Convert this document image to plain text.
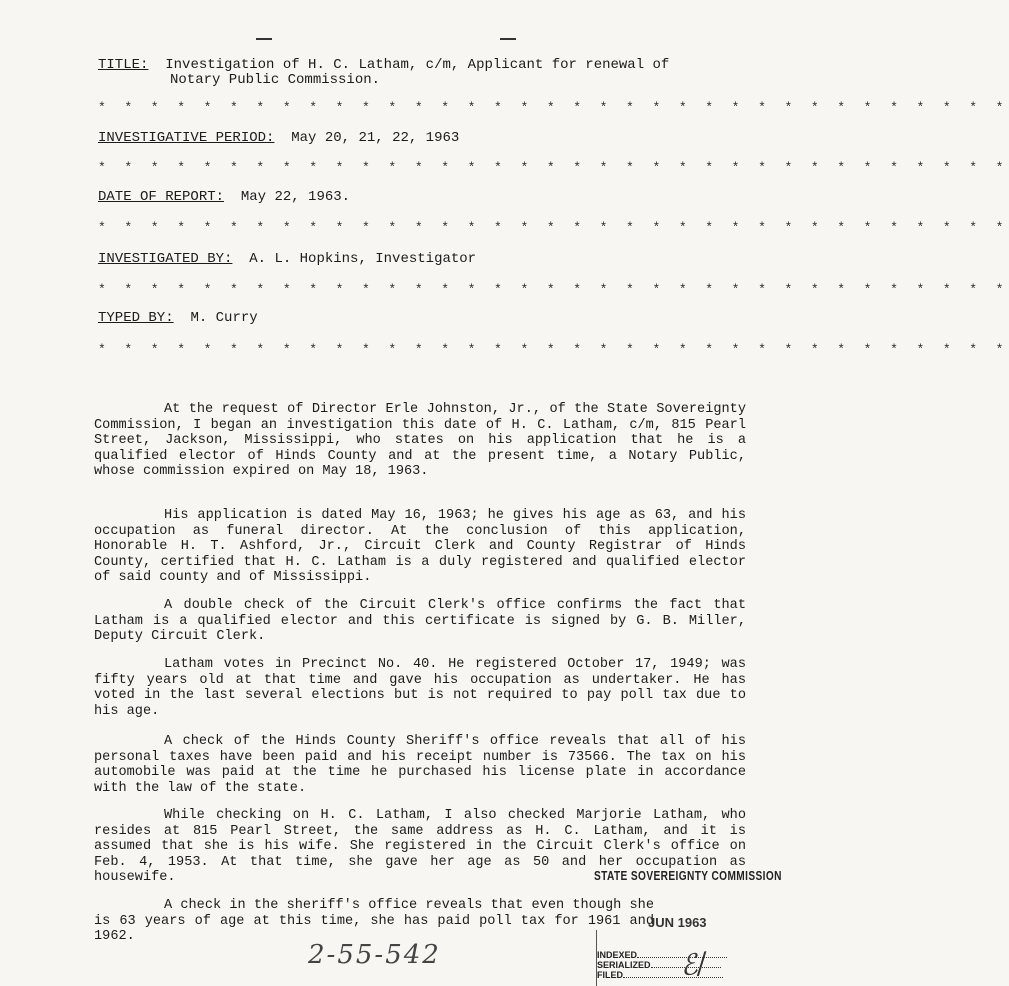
TITLE: Investigation of H. C. Latham, c/m, Applicant for renewal of
Notary Public Commission.
* * * * * * * * * * * * * * * * * * * * * * * * * * * * * * * * * * *
INVESTIGATIVE PERIOD: May 20, 21, 22, 1963
* * * * * * * * * * * * * * * * * * * * * * * * * * * * * * * * * * *
DATE OF REPORT: May 22, 1963.
* * * * * * * * * * * * * * * * * * * * * * * * * * * * * * * * * * *
INVESTIGATED BY: A. L. Hopkins, Investigator
* * * * * * * * * * * * * * * * * * * * * * * * * * * * * * * * * * *
TYPED BY: M. Curry
* * * * * * * * * * * * * * * * * * * * * * * * * * * * * * * * * * *

At the request of Director Erle Johnston, Jr., of the State Sovereignty Commission, I began an investigation this date of H. C. Latham, c/m, 815 Pearl Street, Jackson, Mississippi, who states on his application that he is a qualified elector of Hinds County and at the present time, a Notary Public, whose commission expired on May 18, 1963.

His application is dated May 16, 1963; he gives his age as 63, and his occupation as funeral director. At the conclusion of this application, Honorable H. T. Ashford, Jr., Circuit Clerk and County Registrar of Hinds County, certified that H. C. Latham is a duly registered and qualified elector of said county and of Mississippi.

A double check of the Circuit Clerk's office confirms the fact that Latham is a qualified elector and this certificate is signed by G. B. Miller, Deputy Circuit Clerk.

Latham votes in Precinct No. 40. He registered October 17, 1949; was fifty years old at that time and gave his occupation as undertaker. He has voted in the last several elections but is not required to pay poll tax due to his age.

A check of the Hinds County Sheriff's office reveals that all of his personal taxes have been paid and his receipt number is 73566. The tax on his automobile was paid at the time he purchased his license plate in accordance with the law of the state.

While checking on H. C. Latham, I also checked Marjorie Latham, who resides at 815 Pearl Street, the same address as H. C. Latham, and it is assumed that she is his wife. She registered in the Circuit Clerk's office on Feb. 4, 1953. At that time, she gave her age as 50 and her occupation as housewife.

A check in the sheriff's office reveals that even though she is 63 years of age at this time, she has paid poll tax for 1961 and 1962.

STATE SOVEREIGNTY COMMISSION
JUN 1963
2-55-542	INDEXED
SERIALIZED
FILED	ℰ/
